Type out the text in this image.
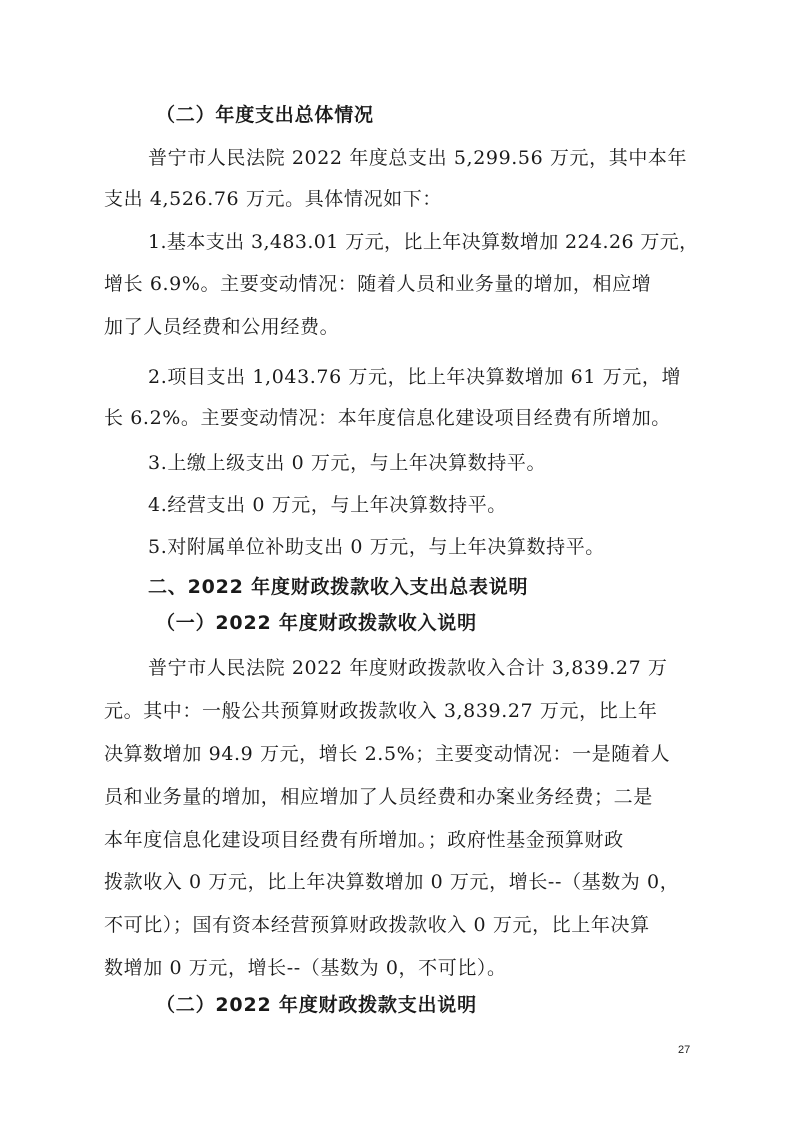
（二）年度支出总体情况
普宁市人民法院 2022 年度总支出 5,299.56 万元，其中本年
支出 4,526.76 万元。具体情况如下：
1.基本支出 3,483.01 万元，比上年决算数增加 224.26 万元，
增长 6.9%。主要变动情况：随着人员和业务量的增加，相应增
加了人员经费和公用经费。
2.项目支出 1,043.76 万元，比上年决算数增加 61 万元，增
长 6.2%。主要变动情况：本年度信息化建设项目经费有所增加。
3.上缴上级支出 0 万元，与上年决算数持平。
4.经营支出 0 万元，与上年决算数持平。
5.对附属单位补助支出 0 万元，与上年决算数持平。
二、2022 年度财政拨款收入支出总表说明
（一）2022 年度财政拨款收入说明
普宁市人民法院 2022 年度财政拨款收入合计 3,839.27 万
元。其中：一般公共预算财政拨款收入 3,839.27 万元，比上年
决算数增加 94.9 万元，增长 2.5%；主要变动情况：一是随着人
员和业务量的增加，相应增加了人员经费和办案业务经费；二是
本年度信息化建设项目经费有所增加。；政府性基金预算财政
拨款收入 0 万元，比上年决算数增加 0 万元，增长--（基数为 0，
不可比）；国有资本经营预算财政拨款收入 0 万元，比上年决算
数增加 0 万元，增长--（基数为 0，不可比）。
（二）2022 年度财政拨款支出说明
27
